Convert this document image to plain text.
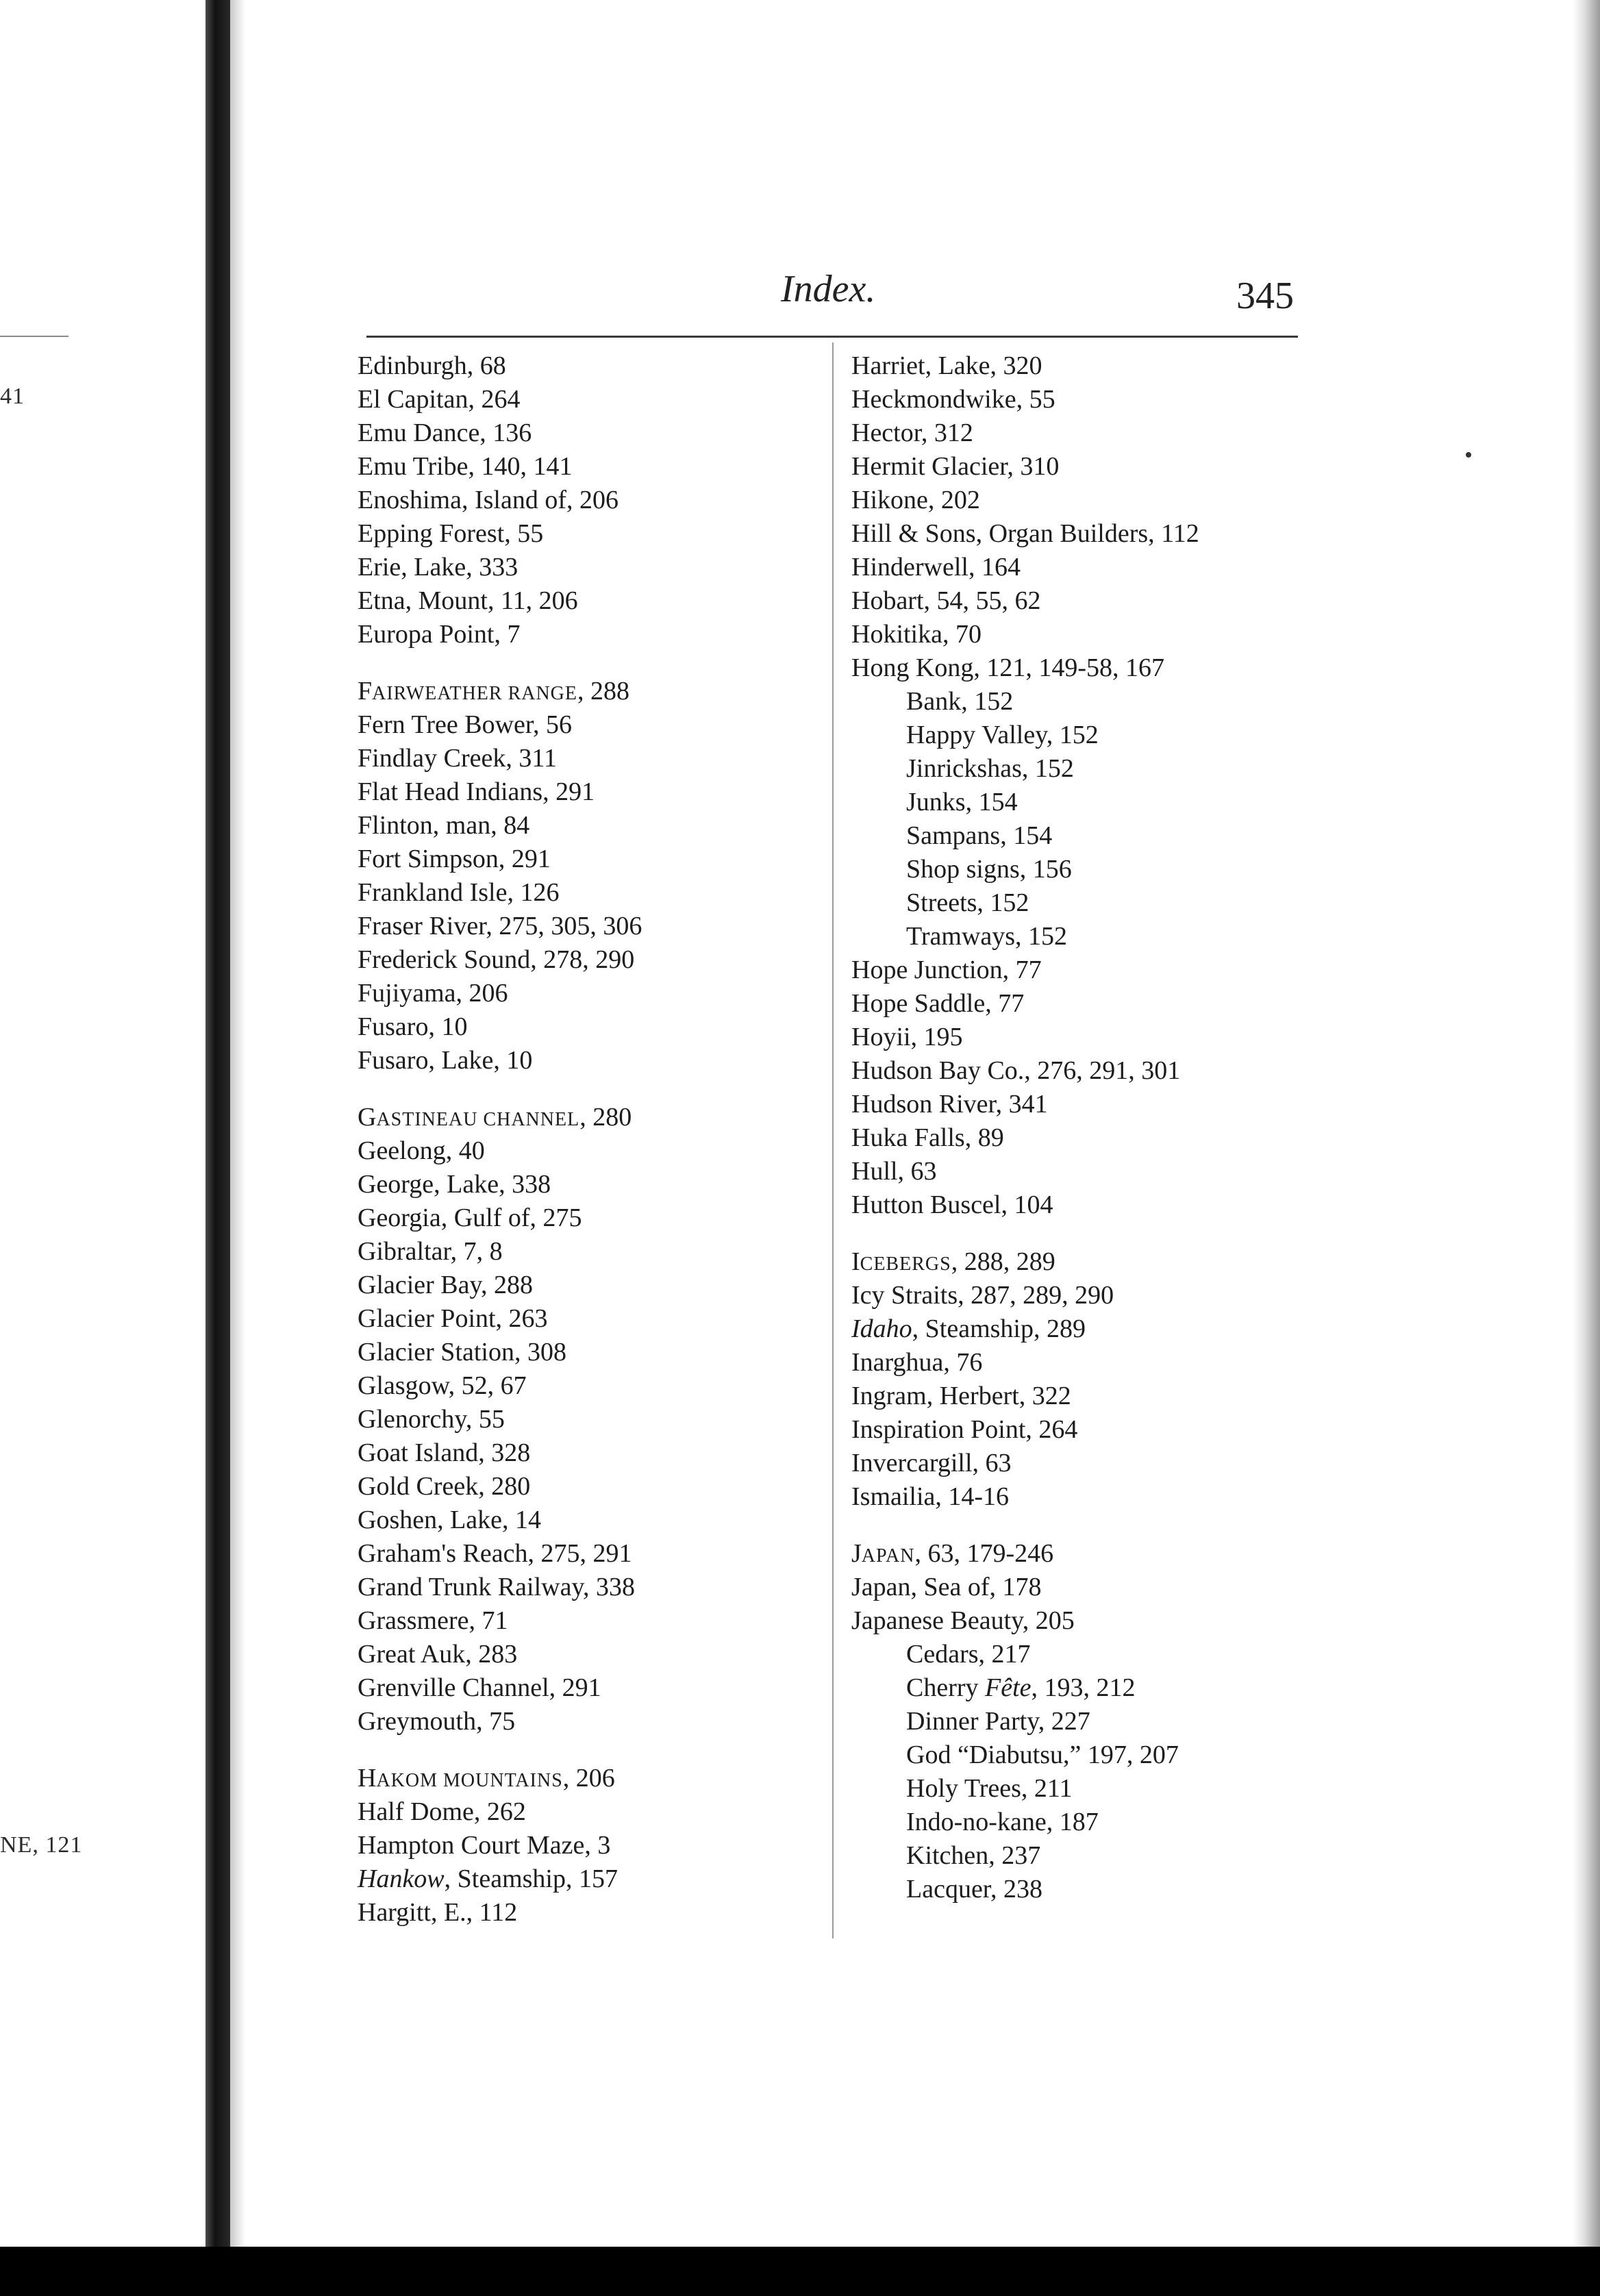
41
NE, 121
Index.	345
Edinburgh, 68
El Capitan, 264
Emu Dance, 136
Emu Tribe, 140, 141
Enoshima, Island of, 206
Epping Forest, 55
Erie, Lake, 333
Etna, Mount, 11, 206
Europa Point, 7
FAIRWEATHER RANGE, 288
Fern Tree Bower, 56
Findlay Creek, 311
Flat Head Indians, 291
Flinton, man, 84
Fort Simpson, 291
Frankland Isle, 126
Fraser River, 275, 305, 306
Frederick Sound, 278, 290
Fujiyama, 206
Fusaro, 10
Fusaro, Lake, 10
GASTINEAU CHANNEL, 280
Geelong, 40
George, Lake, 338
Georgia, Gulf of, 275
Gibraltar, 7, 8
Glacier Bay, 288
Glacier Point, 263
Glacier Station, 308
Glasgow, 52, 67
Glenorchy, 55
Goat Island, 328
Gold Creek, 280
Goshen, Lake, 14
Graham's Reach, 275, 291
Grand Trunk Railway, 338
Grassmere, 71
Great Auk, 283
Grenville Channel, 291
Greymouth, 75
HAKOM MOUNTAINS, 206
Half Dome, 262
Hampton Court Maze, 3
Hankow, Steamship, 157
Hargitt, E., 112
Harriet, Lake, 320
Heckmondwike, 55
Hector, 312
Hermit Glacier, 310
Hikone, 202
Hill & Sons, Organ Builders, 112
Hinderwell, 164
Hobart, 54, 55, 62
Hokitika, 70
Hong Kong, 121, 149-58, 167
Bank, 152
Happy Valley, 152
Jinrickshas, 152
Junks, 154
Sampans, 154
Shop signs, 156
Streets, 152
Tramways, 152
Hope Junction, 77
Hope Saddle, 77
Hoyii, 195
Hudson Bay Co., 276, 291, 301
Hudson River, 341
Huka Falls, 89
Hull, 63
Hutton Buscel, 104
ICEBERGS, 288, 289
Icy Straits, 287, 289, 290
Idaho, Steamship, 289
Inarghua, 76
Ingram, Herbert, 322
Inspiration Point, 264
Invercargill, 63
Ismailia, 14-16
JAPAN, 63, 179-246
Japan, Sea of, 178
Japanese Beauty, 205
Cedars, 217
Cherry Fête, 193, 212
Dinner Party, 227
God “Diabutsu,” 197, 207
Holy Trees, 211
Indo-no-kane, 187
Kitchen, 237
Lacquer, 238
